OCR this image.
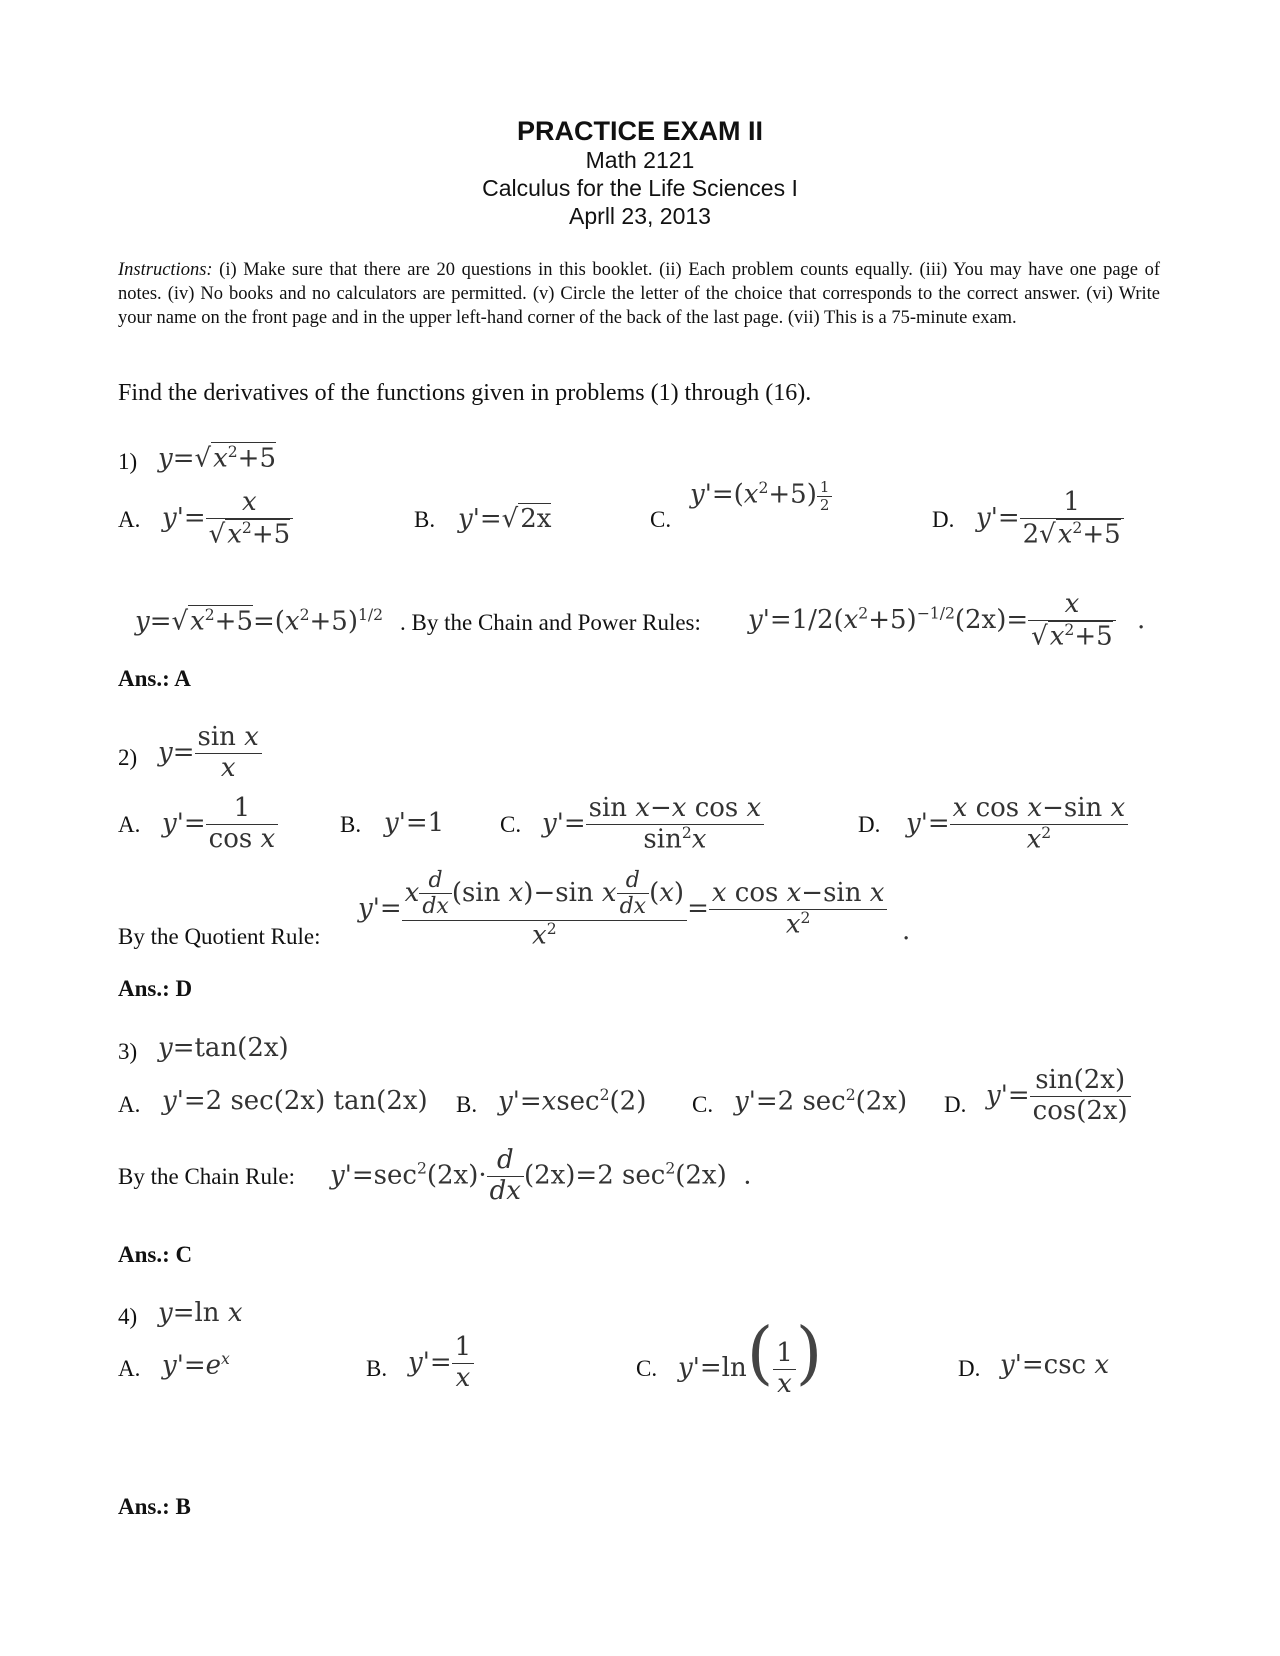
PRACTICE EXAM II
Math 2121
Calculus for the Life Sciences I
Aprll 23, 2013
Instructions: (i) Make sure that there are 20 questions in this booklet. (ii) Each problem counts equally. (iii) You may have one page of notes. (iv) No books and no calculators are permitted. (v) Circle the letter of the choice that corresponds to the correct answer. (vi) Write your name on the front page and in the upper left-hand corner of the back of the last page. (vii) This is a 75-minute exam.
Find the derivatives of the functions given in problems (1) through (16).
1) $y=√x^2+5$
A. $y'= \frac{x}{√x^2+5}$	B. y'=√2x	C.
$y'=(x^2+5) \frac{1}{2}$
D. $y'= \frac{1}{2√x^2+5}$
$y=√x^2+5=(x^2+5)^{1/2}$ . By the Chain and Power Rules: $y'=1/2(x^2+5)^{-1/2}(2x)= \frac{x}{√x^2+5}$ .
Ans.: A
2) $y= \frac{\text{sin x}}{x}$
A. $y'= \frac{1}{\text{cos x}}$	B. y'=1 C. $y'= \frac{\text{sin x−x cos x}}{\sin^2x}$	D. $y'= \frac{\text{x cos x−sin x}}{x^2}$
By the Quotient Rule:
$y'= \frac{x \frac{d}{dx} (\sin x)-\sin x \frac{d}{dx} (x)}{x^2} = \frac{\text{x cos x−sin x}}{x^2}$ .
Ans.: D
3) y=tan(2x)
A. y'=2 sec(2x) tan(2x) B. y'=xsec$^2$(2) C. y'=2 $\sec^2(2x)$ D. $y'= \frac{\sin(2x)}{\cos(2x)}$
By the Chain Rule: $y'=\sec^2(2x)\cdot \frac{d}{dx} (2x)=2$ $\sec^2(2x)$  .
Ans.: C
4) y=ln x
A. $y'=e^x$	B. $y'= \frac{1}{x}$	C. $y'=\ln( \frac{1}{x}$ )	D. y'=csc x
Ans.: B
